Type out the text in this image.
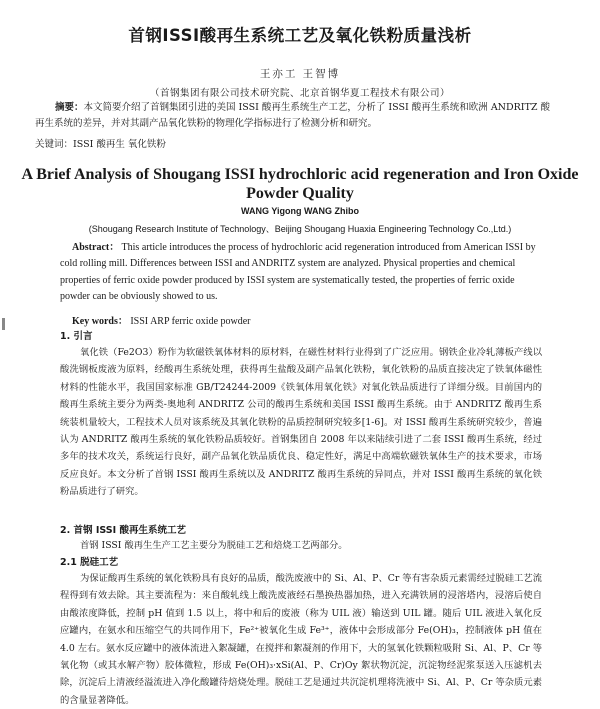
首钢ISSI酸再生系统工艺及氧化铁粉质量浅析
王亦工 王智博
（首钢集团有限公司技术研究院、北京首钢华夏工程技术有限公司）
摘要：本文简要介绍了首钢集团引进的美国 ISSI 酸再生系统生产工艺，分析了 ISSI 酸再生系统和欧洲 ANDRITZ 酸再生系统的差异，并对其副产品氧化铁粉的物理化学指标进行了检测分析和研究。
关键词：ISSI 酸再生 氧化铁粉
A Brief Analysis of Shougang ISSI hydrochloric acid regeneration and Iron Oxide Powder Quality
WANG Yigong WANG Zhibo
(Shougang Research Institute of Technology、Beijing Shougang Huaxia Engineering Technology Co.,Ltd.)
Abstract： This article introduces the process of hydrochloric acid regeneration introduced from American ISSI by cold rolling mill. Differences between ISSI and ANDRITZ system are analyzed. Physical properties and chemical properties of ferric oxide powder produced by ISSI system are systematically tested, the properties of ferric oxide powder can be obviously showed to us.
Key words： ISSI ARP ferric oxide powder
1. 引言
氧化铁（Fe2O3）粉作为软磁铁氧体材料的原材料，在磁性材料行业得到了广泛应用。钢铁企业冷轧薄板产线以酸洗钢板废液为原料，经酸再生系统处理，获得再生盐酸及副产品氧化铁粉，氧化铁粉的品质直接决定了铁氧体磁性材料的性能水平，我国国家标准 GB/T24244-2009《铁氧体用氧化铁》对氧化铁品质进行了详细分级。目前国内的酸再生系统主要分为两类-奥地利 ANDRITZ 公司的酸再生系统和美国 ISSI 酸再生系统。由于 ANDRITZ 酸再生系统装机量较大，工程技术人员对该系统及其氧化铁粉的品质控制研究较多[1-6]。对 ISSI 酸再生系统研究较少，普遍认为 ANDRITZ 酸再生系统的氧化铁粉品质较好。首钢集团自 2008 年以来陆续引进了二套 ISSI 酸再生系统，经过多年的技术攻关，系统运行良好，副产品氧化铁品质优良、稳定性好，满足中高端软磁铁氧体生产的技术要求，市场反应良好。本文分析了首钢 ISSI 酸再生系统以及 ANDRITZ 酸再生系统的异同点，并对 ISSI 酸再生系统的氧化铁粉品质进行了研究。
2. 首钢 ISSI 酸再生系统工艺
首钢 ISSI 酸再生生产工艺主要分为脱硅工艺和焙烧工艺两部分。
2.1 脱硅工艺
为保证酸再生系统的氧化铁粉具有良好的品质，酸洗废液中的 Si、Al、P、Cr 等有害杂质元素需经过脱硅工艺流程得到有效去除。其主要流程为：来自酸轧线上酸洗废液经石墨换热器加热，进入充满铁屑的浸溶塔内，浸溶后使自由酸浓度降低，控制 pH 值到 1.5 以上，将中和后的废液（称为 UIL 液）输送到 UIL 罐。随后 UIL 液进入氧化反应罐内，在氨水和压缩空气的共同作用下，Fe²⁺被氧化生成 Fe³⁺，液体中会形成部分 Fe(OH)₃，控制液体 pH 值在 4.0 左右。氨水反应罐中的液体流进入絮凝罐，在搅拌和絮凝剂的作用下，大的氢氧化铁颗粒吸附 Si、Al、P、Cr 等氧化物（或其水解产物）胶体微粒，形成 Fe(OH)₃·xSi(Al、P、Cr)Oy 絮状物沉淀，沉淀物经泥浆泵送入压滤机去除，沉淀后上清液经溢流进入净化酸罐待焙烧处理。脱硅工艺是通过共沉淀机理将洗液中 Si、Al、P、Cr 等杂质元素的含量显著降低。
